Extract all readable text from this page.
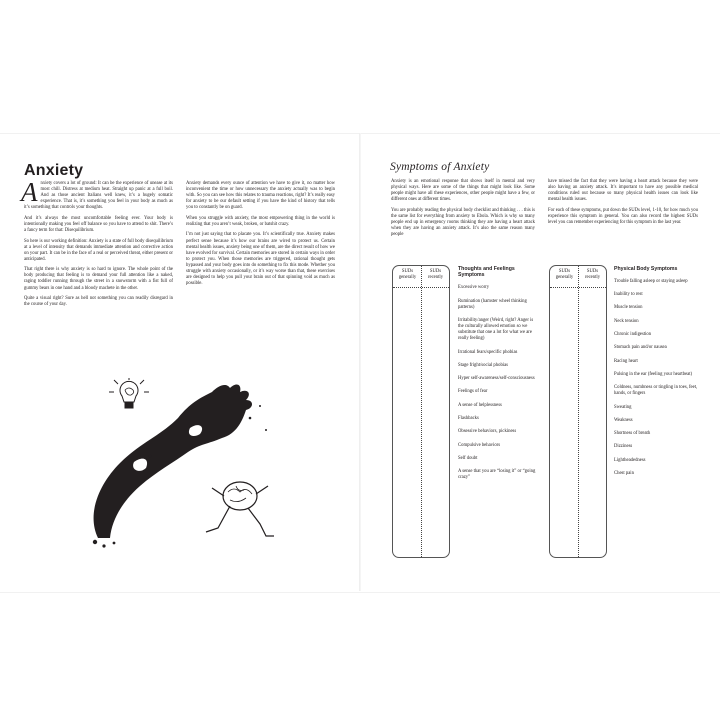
Anxiety

Anxiety covers a lot of ground: It can be the experience of unease at its most chill. Distress at medium heat. Straight up panic at a full boil. And as those ancient Italians well knew, it’s a hugely somatic experience. That is, it’s something you feel in your body as much as it’s something that controls your thoughts.

And it’s always the most uncomfortable feeling ever. Your body is intentionally making you feel off balance so you have to attend to shit. There’s a fancy term for that: Disequilibrium.

So here is our working definition: Anxiety is a state of full body disequilibrium at a level of intensity that demands immediate attention and corrective action on your part. It can be in the face of a real or perceived threat, either present or anticipated.

That right there is why anxiety is so hard to ignore. The whole point of the body producing that feeling is to demand your full attention like a naked, raging toddler running through the street in a snowstorm with a fist full of gummy bears in one hand and a bloody machete in the other.

Quite a visual right? Sure as hell not something you can readily disregard in the course of your day.

Anxiety demands every ounce of attention we have to give it, no matter how inconvenient the time or how unnecessary the anxiety actually was to begin with. So you can see how this relates to trauma reactions, right? It’s really easy for anxiety to be our default setting if you have the kind of history that tells you to constantly be on guard.

When you struggle with anxiety, the most empowering thing in the world is realizing that you aren’t weak, broken, or batshit crazy.

I’m not just saying that to placate you. It’s scientifically true. Anxiety makes perfect sense because it’s how our brains are wired to protect us. Certain mental health issues, anxiety being one of them, are the direct result of how we have evolved for survival. Certain memories are stored in certain ways in order to protect you. When those memories are triggered, rational thought gets bypassed and your body goes into do something to fix this mode. Whether you struggle with anxiety occasionally, or it’s way worse than that, these exercises are designed to help you pull your brain out of that spinning void as much as possible.

Symptoms of Anxiety

Anxiety is an emotional response that shows itself in mental and very physical ways. Here are some of the things that might look like. Some people might have all these experiences, other people might have a few, or different ones at different times.

You are probably reading the physical body checklist and thinking . . . this is the same list for everything from anxiety to Ebola. Which is why so many people end up in emergency rooms thinking they are having a heart attack when they are having an anxiety attack. It’s also the same reason many people

have missed the fact that they were having a heart attack because they were also having an anxiety attack. It’s important to have any possible medical conditions ruled out because so many physical health issues can look like mental health issues.

For each of these symptoms, put down the SUDs level, 1-10, for how much you experience this symptom in general. You can also record the highest SUDs level you can remember experiencing for this symptom in the last year.

SUDs generally
SUDs recently
Thoughts and Feelings Symptoms
Excessive worry
Rumination (hamster wheel thinking patterns)
Irritability/anger (Weird, right? Anger is the culturally allowed emotion so we substitute that one a lot for what we are really feeling)
Irrational fears/specific phobias
Stage fright/social phobias
Hyper self-awareness/self-consciousness
Feelings of fear
A sense of helplessness
Flashbacks
Obsessive behaviors, pickiness
Compulsive behaviors
Self doubt
A sense that you are “losing it” or “going crazy”
SUDs generally
SUDs recently
Physical Body Symptoms
Trouble falling asleep or staying asleep
Inability to rest
Muscle tension
Neck tension
Chronic indigestion
Stomach pain and/or nausea
Racing heart
Pulsing in the ear (feeling your heartbeat)
Coldness, numbness or tingling in toes, feet, hands, or fingers
Sweating
Weakness
Shortness of breath
Dizziness
Lightheadedness
Chest pain
